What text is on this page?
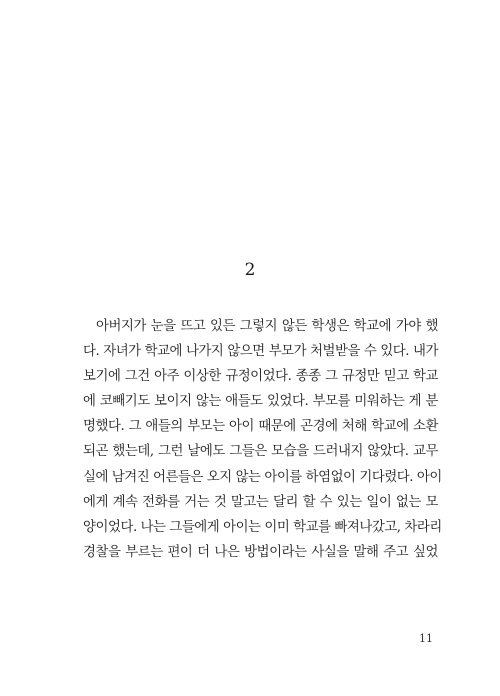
2
아버지가 눈을 뜨고 있든 그렇지 않든 학생은 학교에 가야 했
다. 자녀가 학교에 나가지 않으면 부모가 처벌받을 수 있다. 내가
보기에 그건 아주 이상한 규정이었다. 종종 그 규정만 믿고 학교
에 코빼기도 보이지 않는 애들도 있었다. 부모를 미워하는 게 분
명했다. 그 애들의 부모는 아이 때문에 곤경에 처해 학교에 소환
되곤 했는데, 그런 날에도 그들은 모습을 드러내지 않았다. 교무
실에 남겨진 어른들은 오지 않는 아이를 하염없이 기다렸다. 아이
에게 계속 전화를 거는 것 말고는 달리 할 수 있는 일이 없는 모
양이었다. 나는 그들에게 아이는 이미 학교를 빠져나갔고, 차라리
경찰을 부르는 편이 더 나은 방법이라는 사실을 말해 주고 싶었
11
